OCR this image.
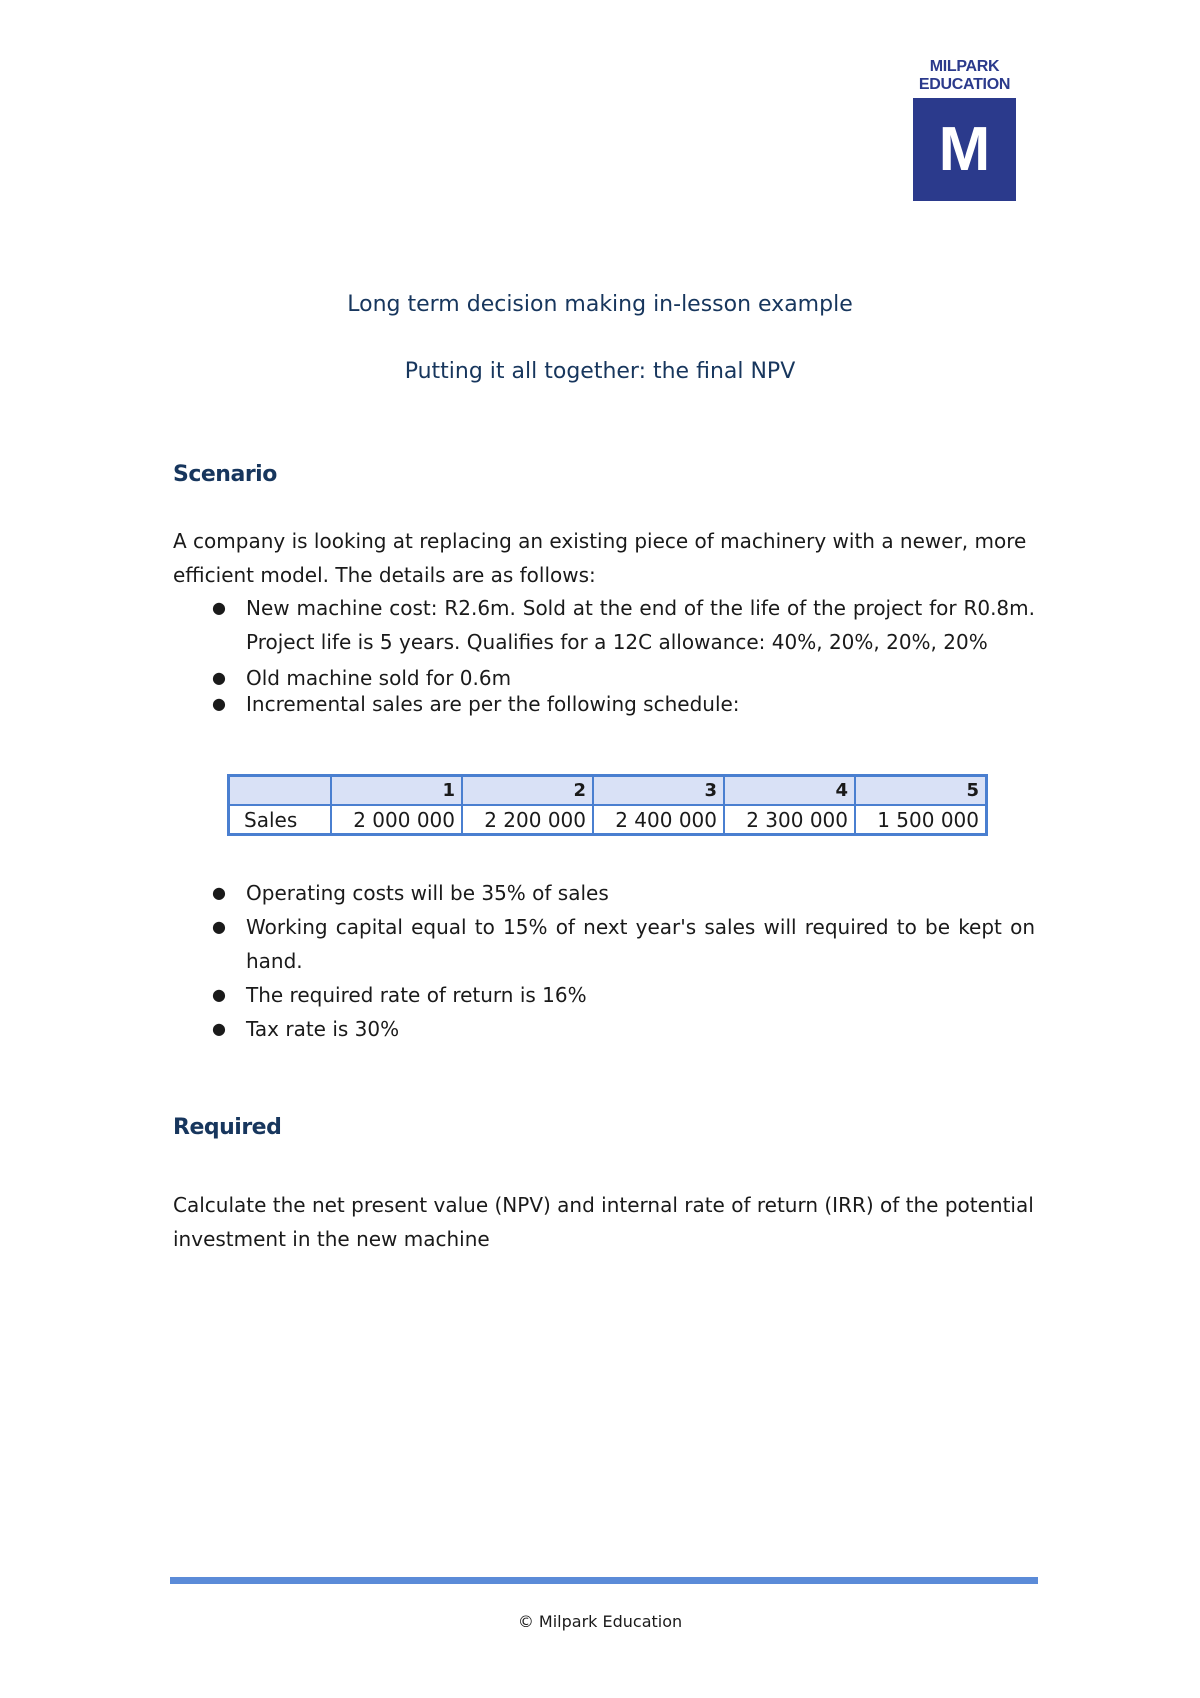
MILPARK
EDUCATION
M
Long term decision making in-lesson example
Putting it all together: the final NPV
Scenario
A company is looking at replacing an existing piece of machinery with a newer, more efficient model. The details are as follows:
● New machine cost: R2.6m. Sold at the end of the life of the project for R0.8m. Project life is 5 years. Qualifies for a 12C allowance: 40%, 20%, 20%, 20%
● Old machine sold for 0.6m
● Incremental sales are per the following schedule:
	1	2	3	4	5
Sales	2 000 000	2 200 000	2 400 000	2 300 000	1 500 000
● Operating costs will be 35% of sales
● Working capital equal to 15% of next year's sales will required to be kept on hand.
● The required rate of return is 16%
● Tax rate is 30%
Required
Calculate the net present value (NPV) and internal rate of return (IRR) of the potential investment in the new machine
© Milpark Education
